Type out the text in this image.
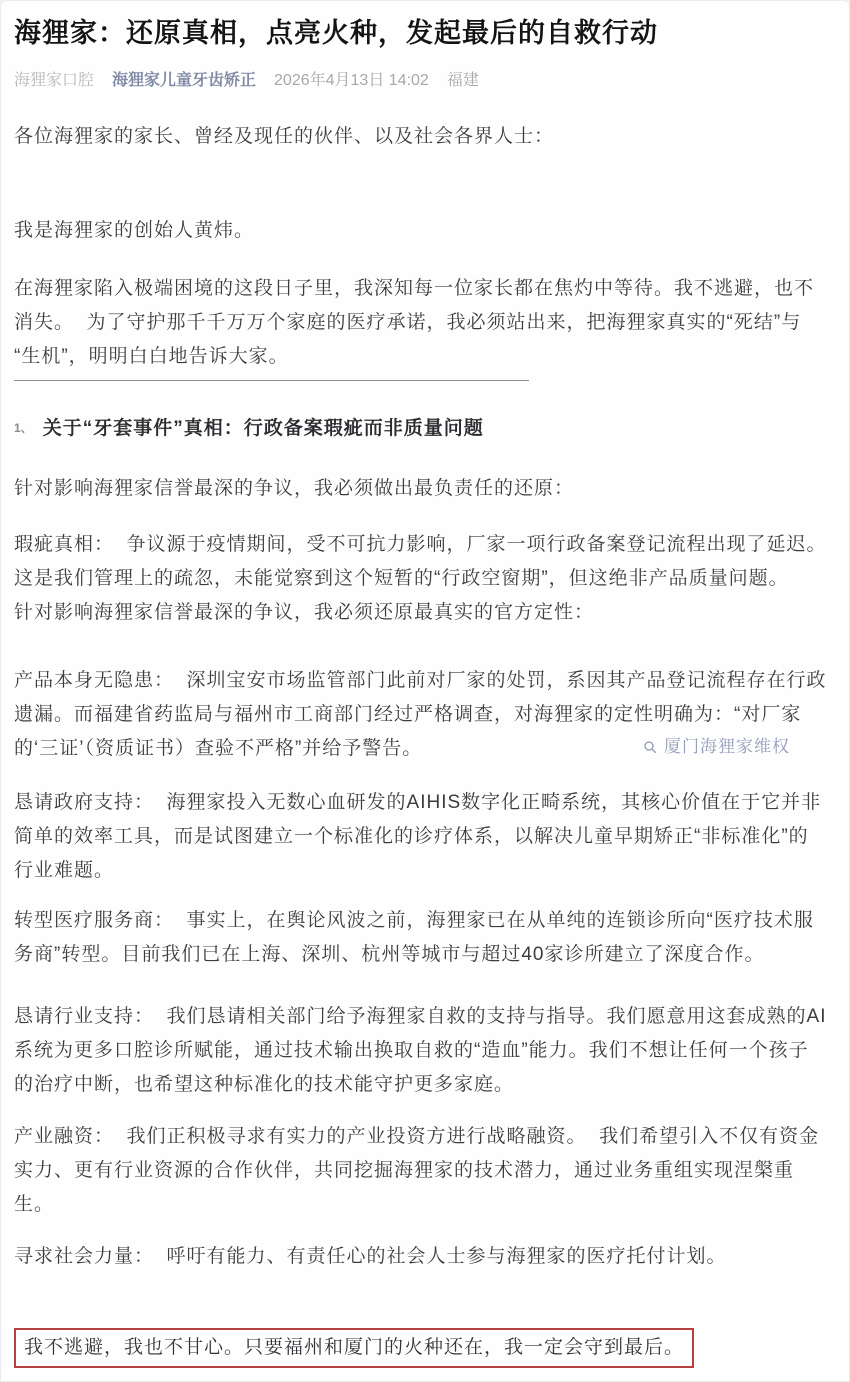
海狸家：还原真相，点亮火种，发起最后的自救行动
海狸家口腔 海狸家儿童牙齿矫正 2026年4月13日 14:02 福建

各位海狸家的家长、曾经及现任的伙伴、以及社会各界人士：

我是海狸家的创始人黄炜。

在海狸家陷入极端困境的这段日子里，我深知每一位家长都在焦灼中等待。我不逃避，也不消失。  为了守护那千千万万个家庭的医疗承诺，我必须站出来，把海狸家真实的“死结”与“生机”，明明白白地告诉大家。

1、 关于“牙套事件”真相：行政备案瑕疵而非质量问题

针对影响海狸家信誉最深的争议，我必须做出最负责任的还原：

瑕疵真相：  争议源于疫情期间，受不可抗力影响，厂家一项行政备案登记流程出现了延迟。这是我们管理上的疏忽，未能觉察到这个短暂的“行政空窗期”，但这绝非产品质量问题。

针对影响海狸家信誉最深的争议，我必须还原最真实的官方定性：

产品本身无隐患：  深圳宝安市场监管部门此前对厂家的处罚，系因其产品登记流程存在行政遗漏。而福建省药监局与福州市工商部门经过严格调查，对海狸家的定性明确为：“对厂家的‘三证’（资质证书）查验不严格”并给予警告。	厦门海狸家维权

恳请政府支持：  海狸家投入无数心血研发的AIHIS数字化正畸系统，其核心价值在于它并非简单的效率工具，而是试图建立一个标准化的诊疗体系，以解决儿童早期矫正“非标准化”的行业难题。

转型医疗服务商：  事实上，在舆论风波之前，海狸家已在从单纯的连锁诊所向“医疗技术服务商”转型。目前我们已在上海、深圳、杭州等城市与超过40家诊所建立了深度合作。

恳请行业支持：  我们恳请相关部门给予海狸家自救的支持与指导。我们愿意用这套成熟的AI系统为更多口腔诊所赋能，通过技术输出换取自救的“造血”能力。我们不想让任何一个孩子的治疗中断，也希望这种标准化的技术能守护更多家庭。

产业融资：  我们正积极寻求有实力的产业投资方进行战略融资。  我们希望引入不仅有资金实力、更有行业资源的合作伙伴，共同挖掘海狸家的技术潜力，通过业务重组实现涅槃重生。

寻求社会力量：  呼吁有能力、有责任心的社会人士参与海狸家的医疗托付计划。

我不逃避，我也不甘心。只要福州和厦门的火种还在，我一定会守到最后。
